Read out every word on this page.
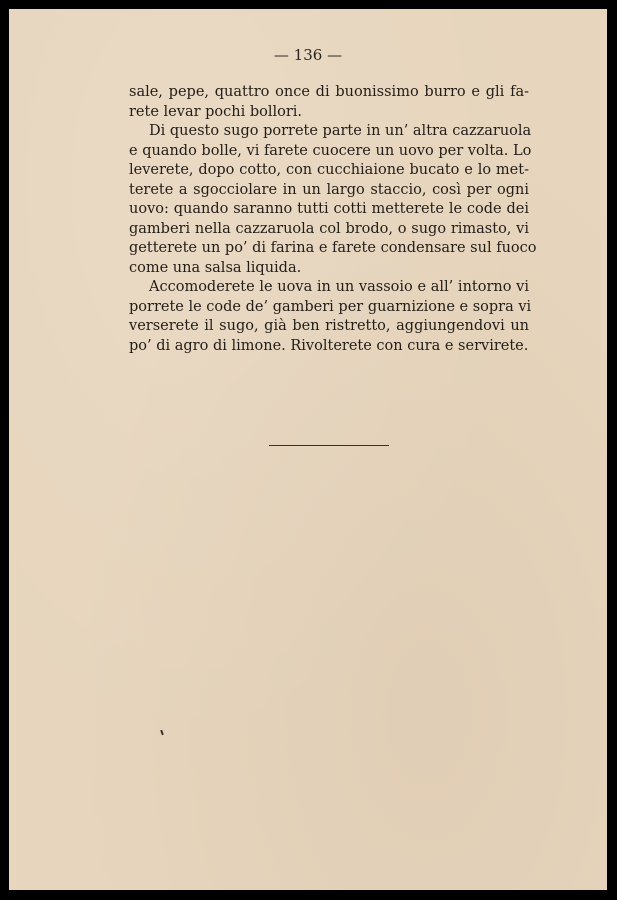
— 136 —

sale, pepe, quattro once di buonissimo burro e gli fa-
rete levar pochi bollori.
Di questo sugo porrete parte in un’ altra cazzaruola
e quando bolle, vi farete cuocere un uovo per volta. Lo
leverete, dopo cotto, con cucchiaione bucato e lo met-
terete a sgocciolare in un largo staccio, così per ogni
uovo: quando saranno tutti cotti metterete le code dei
gamberi nella cazzaruola col brodo, o sugo rimasto, vi
getterete un po’ di farina e farete condensare sul fuoco
come una salsa liquida.
Accomoderete le uova in un vassoio e all’ intorno vi
porrete le code de’ gamberi per guarnizione e sopra vi
verserete il sugo, già ben ristretto, aggiungendovi un
po’ di agro di limone. Rivolterete con cura e servirete.
